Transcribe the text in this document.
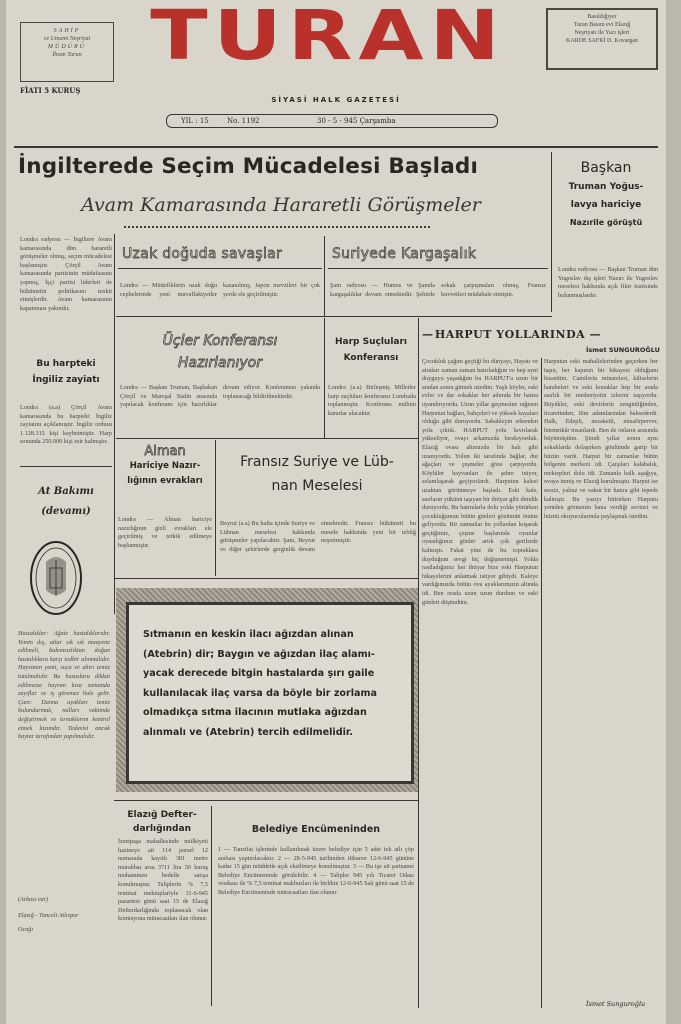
SAHİP
ve Umumi Neşriyat
MÜDÜRÜ
İhsan Turan
FİATI 5 KURUŞ
TURAN	Basıldığıyer
Turan Basım evi Elazığ
Neşriyatı ile Yazı işleri
KARDE SAFKİ D. Kovargan
SİYASİ HALK GAZETESİ
YIL : 15	No. 1192	30 - 5 - 945 Çarşamba
İngilterede Seçim Mücadelesi Başladı
Avam Kamarasında Hararetli Görüşmeler
Başkan
Truman Yoğus-
lavya hariciye
Nazırile görüştü
Londra radyosu — Başkan Truman dün Yugoslav dış işleri Nazırı ile Yugoslav meselesi hakkında açık fikir teatisinde bulunmuşlardır.
Londra radyosu — İngiltere Avam kamarasında dün hararetli görüşmeler olmuş, seçim mücadelesi başlamıştır. Çörçil Avam kamarasında partisinin müdafaasını yapmış, İşçi partisi liderleri de hükümetin politikasını tenkit etmişlerdir. Avam kamarasının kapanması yakındır.
Uzak doğuda savaşlar
Londra — Müttefiklerin uzak doğu cephelerinde yeni muvaffakiyetler kazanılmış, Japon mevzileri bir çok yerde ele geçirilmiştir.
Suriyede Kargaşalık
Şam radyosu — Humus ve Şamda kargaşalıklar devam etmektedir. Şehirde sokak çarpışmaları olmuş, Fransız kuvvetleri müdahale etmiştir.
Üçler Konferansı
Hazırlanıyor
Londra — Başkan Truman, Başbakan Çörçil ve Mareşal Stalin arasında yapılacak konferans için hazırlıklar devam ediyor. Konferansın yakında toplanacağı bildirilmektedir.
Harp Suçluları
Konferansı
Londra (a.a) Birleşmiş Milletler harp suçluları konferansı Londrada toplanmıştır. Konferans mühim kararlar alacaktır.
— HARPUT YOLLARINDA —
İsmet SUNGUROĞLU
Çocukluk çağım geçtiği bu dünyayı, Hayatı ve atraları zaman zaman hatırladığım ve hep ayni duyguyu yaşadığım bu HARPUT'a uzun bir aradan sonra gitmek istedim. Yaşlı köyler, eski evler ve dar sokaklar her adımda bir hatıra uyandırıyordu. Uzun yıllar geçmesine rağmen Harputun bağları, bahçeleri ve yüksek kayaları olduğu gibi duruyordu. Sabahleyin erkenden yola çıktık. HARPUT yolu kıvrılarak yükseliyor, ovayı arkamızda bırakıyorduk. Elazığ ovası altımızda bir halı gibi uzanıyordu. Yolun iki tarafında bağlar, dut ağaçları ve çeşmeler göze çarpıyordu. Köylüler hayvanları ile şehre iniyor, selamlaşarak geçiyorlardı. Harputun kalesi uzaktan görünmeye başladı. Eski kale, asırların yükünü taşıyan bir ihtiyar gibi dimdik duruyordu. Bu hatıralarla dolu yolda yürürken çocukluğumun bütün günleri gözümün önüne geliyordu. Bir zamanlar bu yollardan koşarak geçtiğimiz, çeşme başlarında oyunlar oynadığımız günler artık çok gerilerde kalmıştı. Fakat yine de bu topraklara duyduğum sevgi hiç değişmemişti. Yolda rastladığımız her ihtiyar bize eski Harputun hikayelerini anlatmak istiyor gibiydi. Kaleye vardığımızda bütün ova ayaklarımızın altında idi. Ben orada uzun uzun durdum ve eski günleri düşündüm.
Harputun eski mahallelerinden geçerken her taşın, her kapının bir hikayesi olduğunu hissettim. Camilerin minareleri, kiliselerin harabeleri ve eski konaklar hep bir arada asırlık bir medeniyetin izlerini taşıyordu. Büyükler, eski devirlerin zenginliğinden, ticaretinden, ilim adamlarından bahsederdi. Halk, Edepli, nezaketli, misafirperver, hürmetkâr insanlardı. Ben de onların arasında büyümüştüm. Şimdi yıllar sonra aynı sokaklarda dolaşırken gönlümde garip bir hüzün vardı. Harput bir zamanlar bütün bölgenin merkezi idi. Çarşıları kalabalık, mektepleri dolu idi. Zamanla halk aşağıya, ovaya inmiş ve Elazığ kurulmuştu. Harput ise sessiz, yalnız ve vakur bir hatıra gibi tepede kalmıştı. Bu yazıyı bitirirken Harputu yeniden görmenin bana verdiği sevinci ve hüznü okuyucularımla paylaşmak istedim.
İsmet Sunguroğlu
Bu harpteki
İngiliz zayiatı
Londra (a.a) Çörçil Avam kamarasında bu harpteki İngiliz zayiatını açıklamıştır. İngiliz ordusu 1.128.315 kişi kaybetmiştir. Harp sonunda 250.000 kişi esir kalmıştır.
At Bakımı
(devamı)
Hastalıklar: Ağaiz hastalıklarıdır. Yemin dış, atlar sık sık muayene edilmeli, bakımsızlıktan doğan hastalıklara karşı tedbir alınmalıdır. Hayvanın yemi, suyu ve ahırı temiz tutulmalıdır. Bu hususlara dikkat edilmezse hayvan kısa zamanda zayıflar ve iş göremez hale gelir. Çare: Daima ayakları temiz bulundurmak, nalları vaktinde değiştirmek ve tırnaklarını kontrol etmek lazımdır. Tedavisi ancak baytar tarafından yapılmalıdır.
(Arkası var)
Elazığ - Tunceli Atlıspor
Ocağı
Alman
Hariciye Nazır-
lığının evrakları
Londra — Alman hariciye nazırlığının gizli evrakları ele geçirilmiş ve tetkik edilmeye başlanmıştır.
Fransız Suriye ve Lüb-
nan Meselesi
Beyrut (a.a) Bu hafta içinde Suriye ve Lübnan meselesi hakkında görüşmeler yapılacaktır. Şam, Beyrut ve diğer şehirlerde gerginlik devam etmektedir. Fransız hükümeti bu mesele hakkında yeni bir tebliğ neşretmiştir.
Sıtmanın en keskin ilacı ağızdan alınan
(Atebrin) dir; Baygın ve ağızdan ilaç alamı-
yacak derecede bitgin hastalarda şırı gaile
kullanılacak ilaç varsa da böyle bir zorlama
olmadıkça sıtma ilacının mutlaka ağızdan
alınmalı ve (Atebrin) tercih edilmelidir.
Elazığ Defter-
darlığından
İzzetpaşa mahallesinde mülkiyeti hazineye ait 114 parsel 12 numarada kayıtlı 381 metre murabbaı arsa 3711 lira 50 kuruş muhammen bedelle satışa konulmuştur. Taliplerin % 7,5 teminat mektuplariyle 11-6-945 pazartesi günü saat 15 de Elazığ Defterdarlığında toplanacak olan komisyona müracaatları ilan olunur.
Belediye Encümeninden
1 — Tanzifat işlerinde kullanılmak üzere belediye için 5 adet tek atlı çöp arabası yaptırılacaktır. 2 — 28-5-945 tarihinden itibaren 12-6-945 gününe kadar 15 gün müddetle açık eksiltmeye konulmuştur. 3 — Bu işe ait şartname Belediye Encümeninde görülebilir. 4 — Talipler 945 yılı Ticaret Odası vesikası ile % 7,5 teminat makbuzları ile birlikte 12-6-945 Salı günü saat 15 de Belediye Encümeninde müracaatları ilan olunur.
